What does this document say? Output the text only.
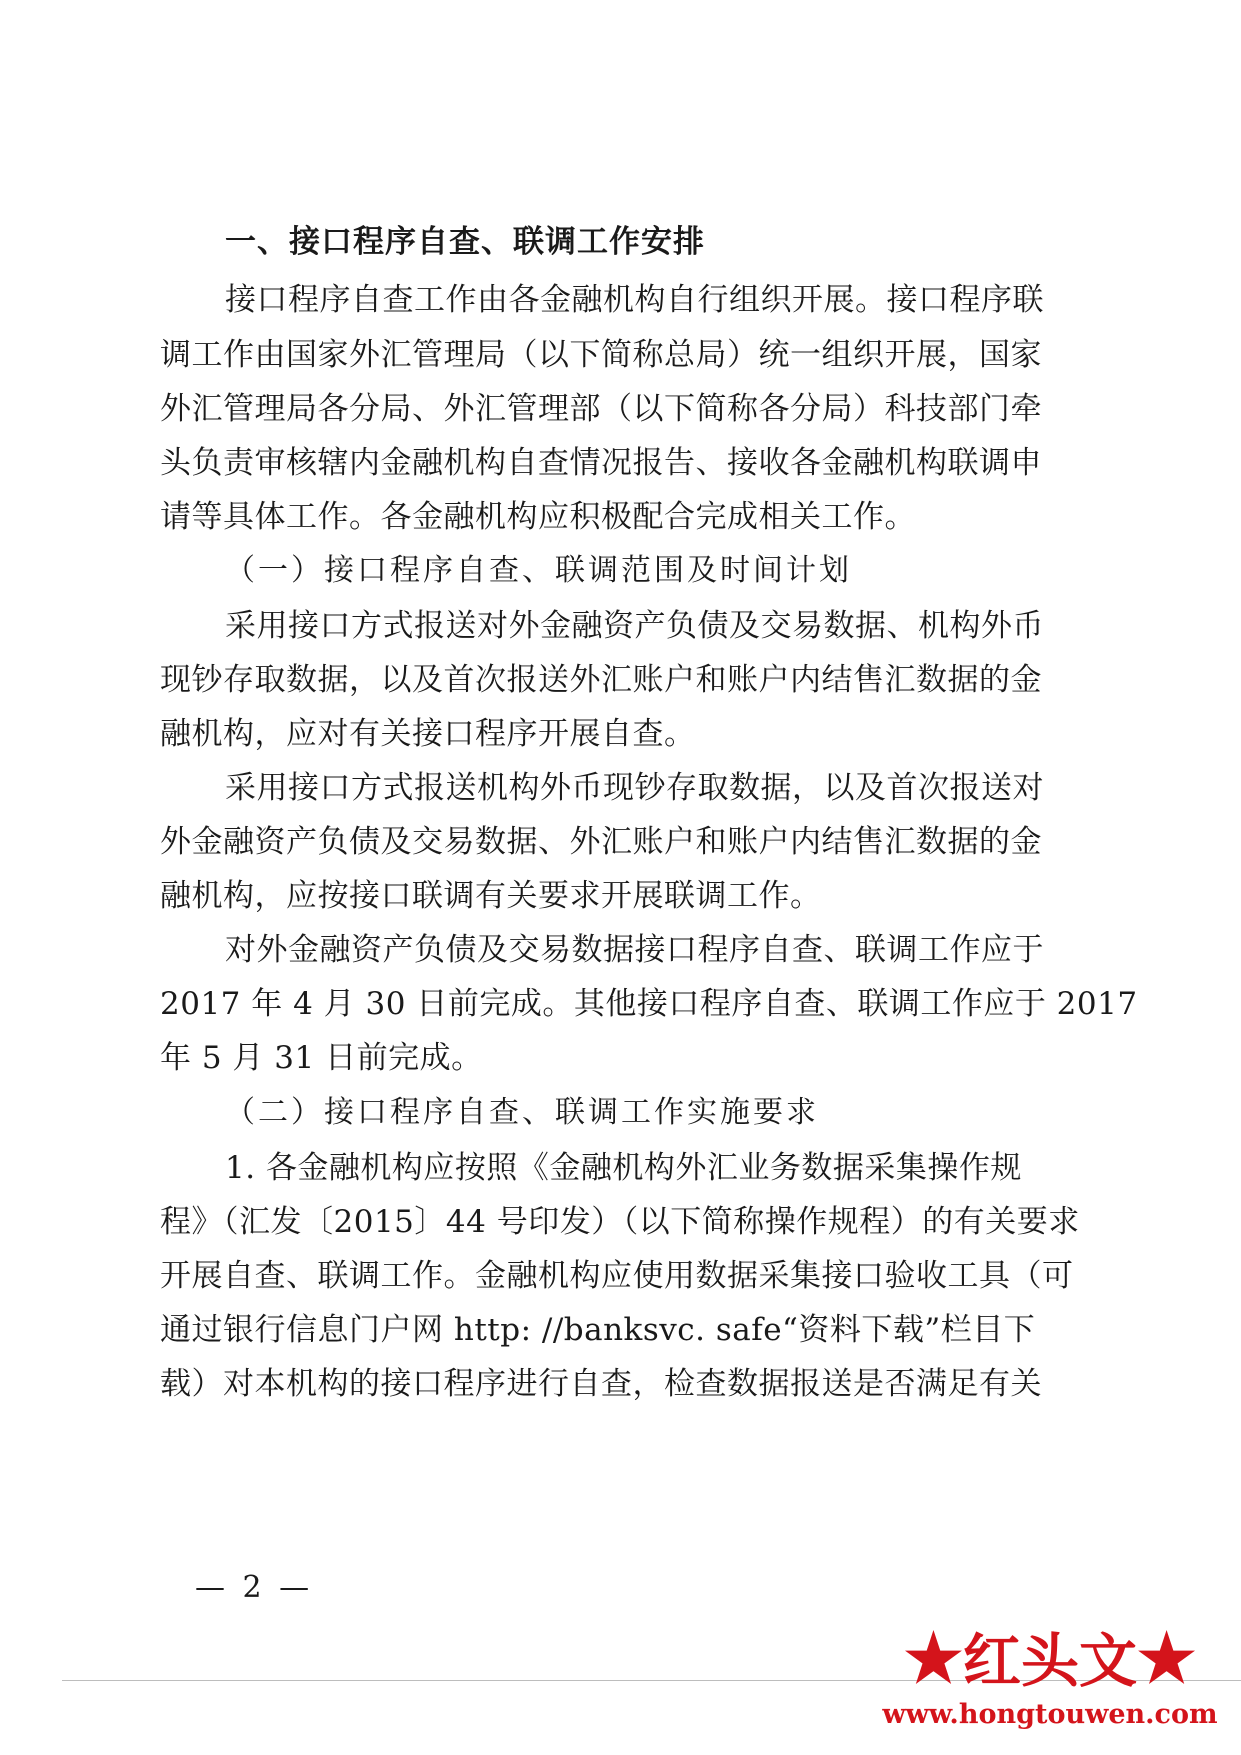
一、接口程序自查、联调工作安排
接口程序自查工作由各金融机构自行组织开展。接口程序联
调工作由国家外汇管理局（以下简称总局）统一组织开展，国家
外汇管理局各分局、外汇管理部（以下简称各分局）科技部门牵
头负责审核辖内金融机构自查情况报告、接收各金融机构联调申
请等具体工作。各金融机构应积极配合完成相关工作。
（一）接口程序自查、联调范围及时间计划
采用接口方式报送对外金融资产负债及交易数据、机构外币
现钞存取数据，以及首次报送外汇账户和账户内结售汇数据的金
融机构，应对有关接口程序开展自查。
采用接口方式报送机构外币现钞存取数据，以及首次报送对
外金融资产负债及交易数据、外汇账户和账户内结售汇数据的金
融机构，应按接口联调有关要求开展联调工作。
对外金融资产负债及交易数据接口程序自查、联调工作应于
2017 年 4 月 30 日前完成。其他接口程序自查、联调工作应于 2017
年 5 月 31 日前完成。
（二）接口程序自查、联调工作实施要求
1. 各金融机构应按照《金融机构外汇业务数据采集操作规
程》（汇发〔2015〕44 号印发）（以下简称操作规程）的有关要求
开展自查、联调工作。金融机构应使用数据采集接口验收工具（可
通过银行信息门户网 http: //banksvc. safe“资料下载”栏目下
载）对本机构的接口程序进行自查，检查数据报送是否满足有关
— 2 —
★红头文★
www.hongtouwen.com
